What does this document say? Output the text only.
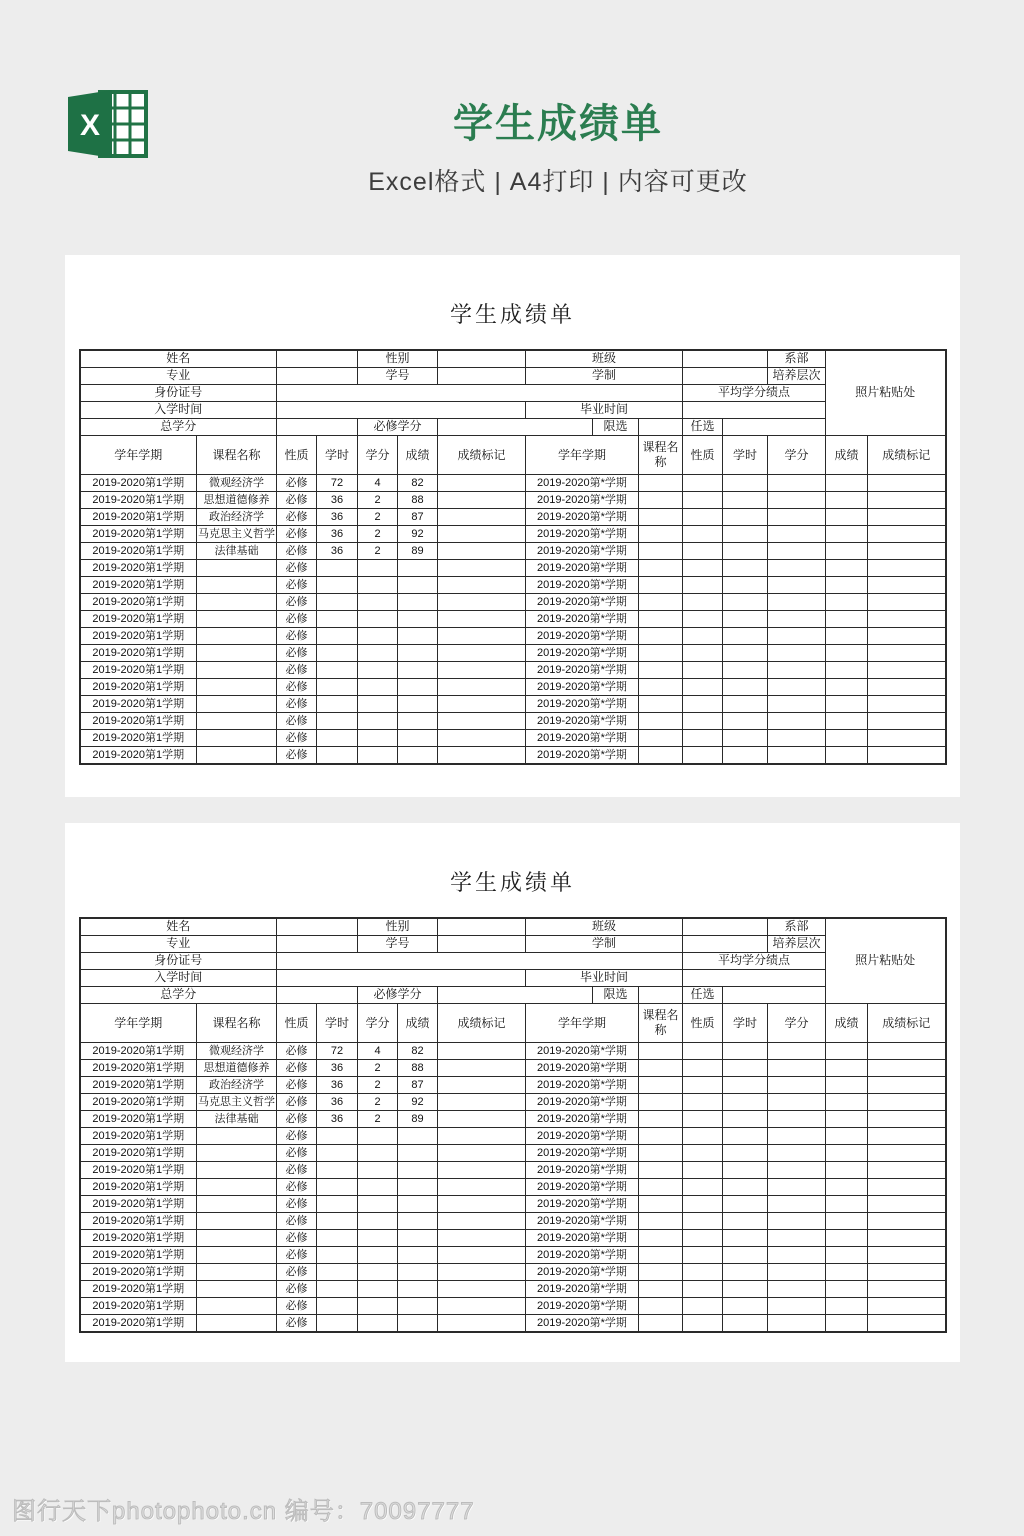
X	学生成绩单

Excel格式 | A4打印 | 内容可更改

学生成绩单
姓名				性别			班级					系部	照片粘贴处	
专业				学号			学制					培养层次		
身份证号										平均学分绩点				
入学时间							毕业时间							
总学分				必修学分				限选		任选				
学年学期	课程名称	性质	学时	学分	成绩	成绩标记	学年学期		课程名称	性质	学时	学分	成绩	成绩标记
2019-2020第1学期	微观经济学	必修	72	4	82		2019-2020第*学期							
2019-2020第1学期	思想道德修养	必修	36	2	88		2019-2020第*学期							
2019-2020第1学期	政治经济学	必修	36	2	87		2019-2020第*学期							
2019-2020第1学期	马克思主义哲学	必修	36	2	92		2019-2020第*学期							
2019-2020第1学期	法律基础	必修	36	2	89		2019-2020第*学期							
2019-2020第1学期		必修					2019-2020第*学期							
2019-2020第1学期		必修					2019-2020第*学期							
2019-2020第1学期		必修					2019-2020第*学期							
2019-2020第1学期		必修					2019-2020第*学期							
2019-2020第1学期		必修					2019-2020第*学期							
2019-2020第1学期		必修					2019-2020第*学期							
2019-2020第1学期		必修					2019-2020第*学期							
2019-2020第1学期		必修					2019-2020第*学期							
2019-2020第1学期		必修					2019-2020第*学期							
2019-2020第1学期		必修					2019-2020第*学期							
2019-2020第1学期		必修					2019-2020第*学期							
2019-2020第1学期		必修					2019-2020第*学期							
学生成绩单
姓名				性别			班级					系部	照片粘贴处	
专业				学号			学制					培养层次		
身份证号										平均学分绩点				
入学时间							毕业时间							
总学分				必修学分				限选		任选				
学年学期	课程名称	性质	学时	学分	成绩	成绩标记	学年学期		课程名称	性质	学时	学分	成绩	成绩标记
2019-2020第1学期	微观经济学	必修	72	4	82		2019-2020第*学期							
2019-2020第1学期	思想道德修养	必修	36	2	88		2019-2020第*学期							
2019-2020第1学期	政治经济学	必修	36	2	87		2019-2020第*学期							
2019-2020第1学期	马克思主义哲学	必修	36	2	92		2019-2020第*学期							
2019-2020第1学期	法律基础	必修	36	2	89		2019-2020第*学期							
2019-2020第1学期		必修					2019-2020第*学期							
2019-2020第1学期		必修					2019-2020第*学期							
2019-2020第1学期		必修					2019-2020第*学期							
2019-2020第1学期		必修					2019-2020第*学期							
2019-2020第1学期		必修					2019-2020第*学期							
2019-2020第1学期		必修					2019-2020第*学期							
2019-2020第1学期		必修					2019-2020第*学期							
2019-2020第1学期		必修					2019-2020第*学期							
2019-2020第1学期		必修					2019-2020第*学期							
2019-2020第1学期		必修					2019-2020第*学期							
2019-2020第1学期		必修					2019-2020第*学期							
2019-2020第1学期		必修					2019-2020第*学期							
图行天下photophoto.cn 编号：70097777
